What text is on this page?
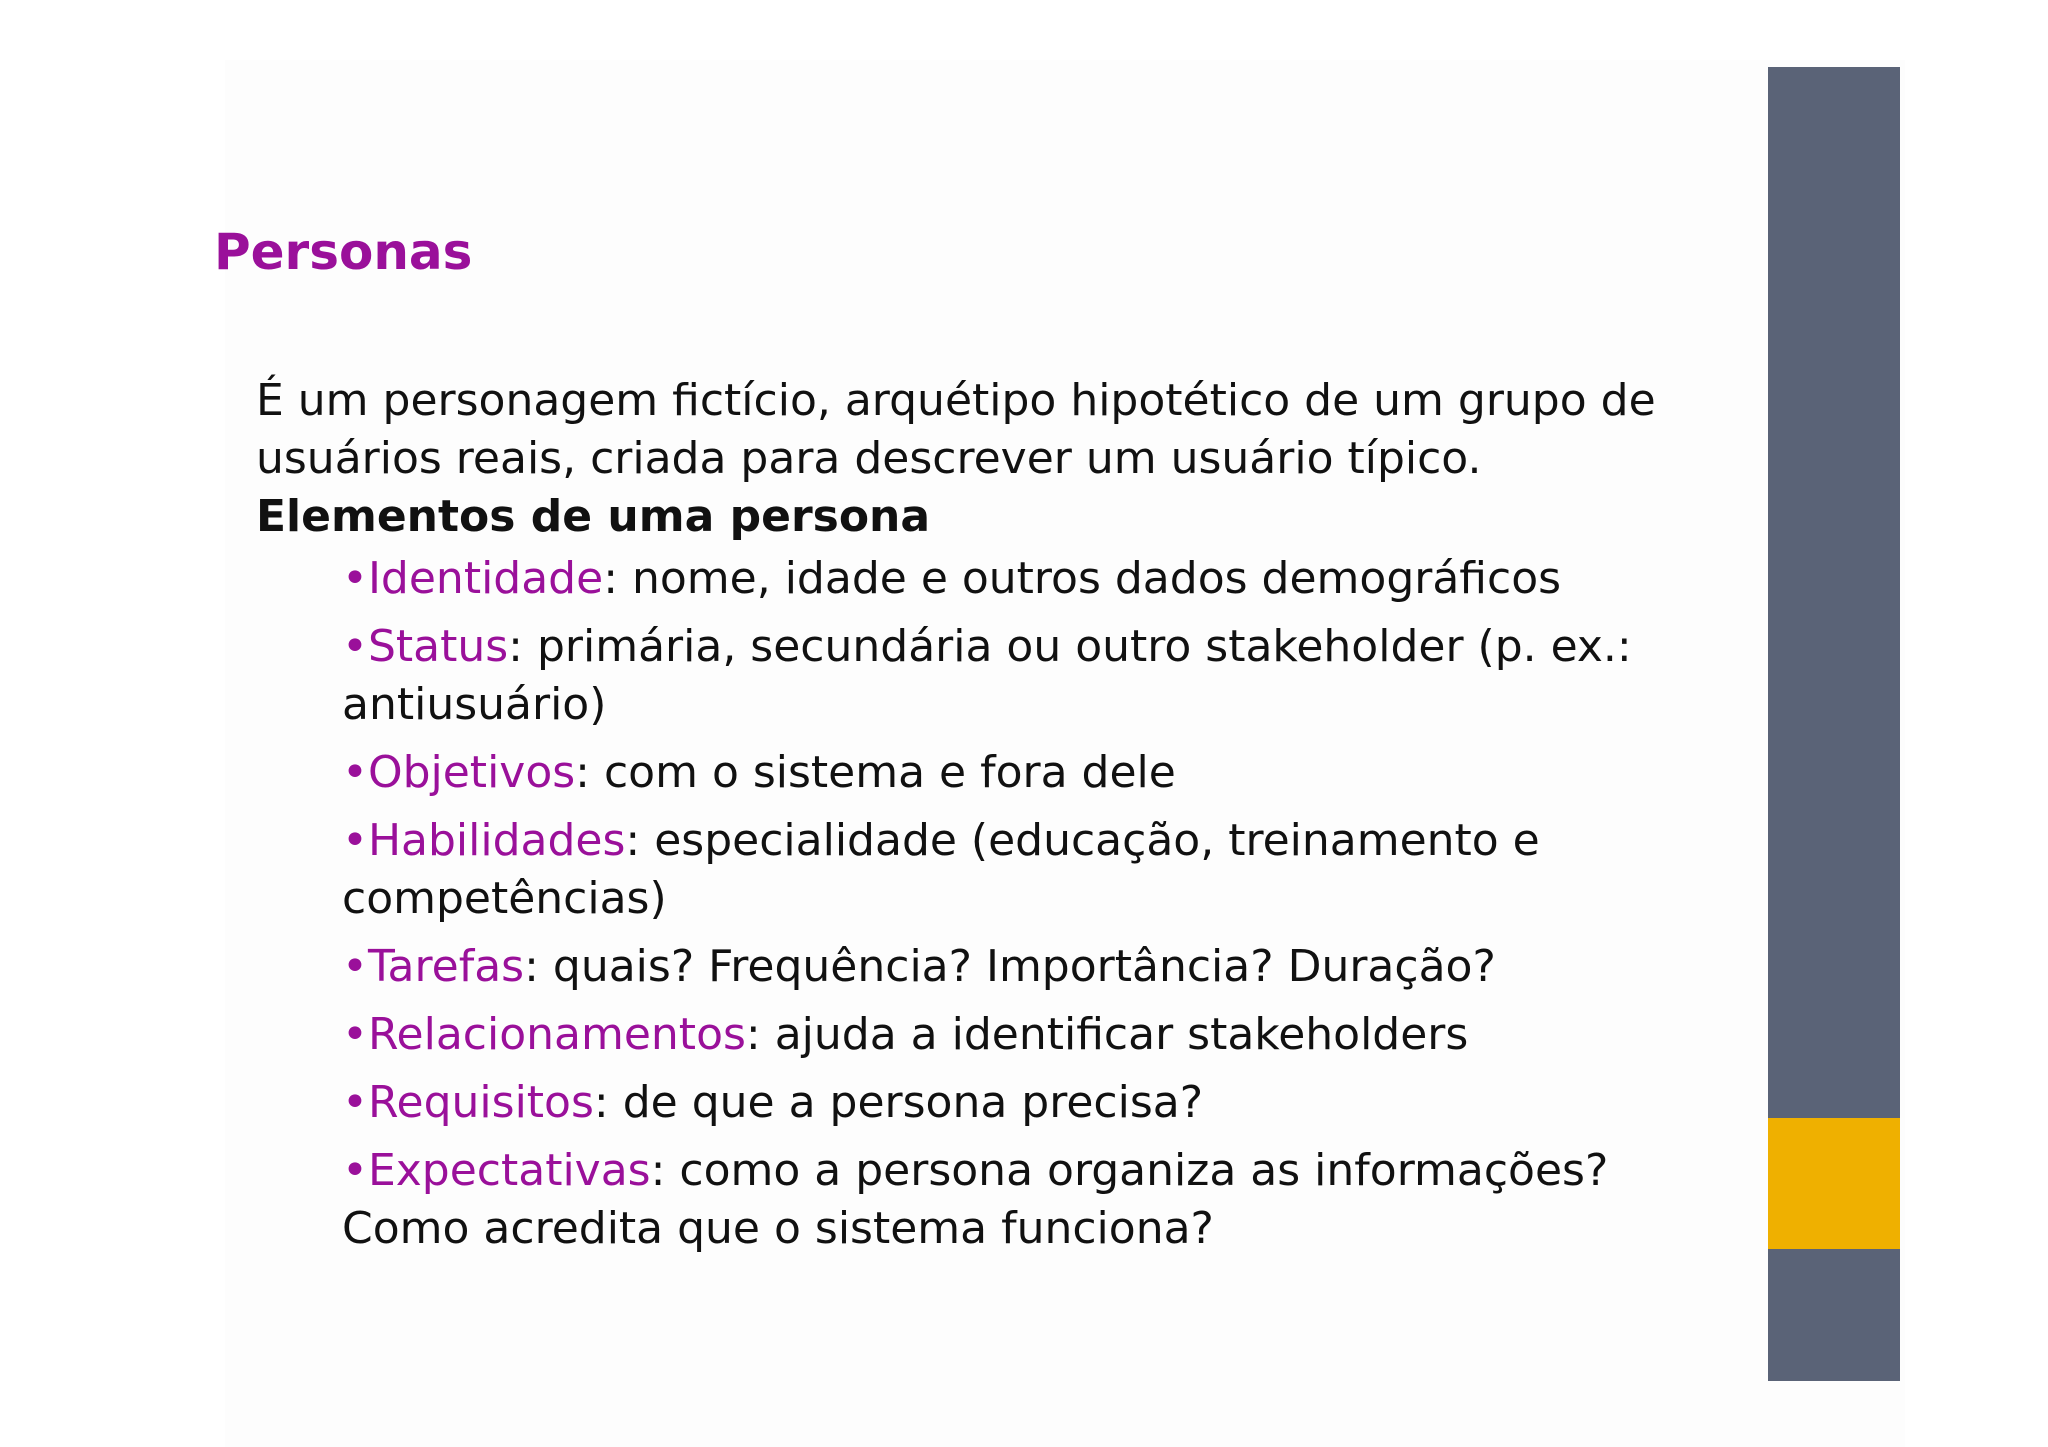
Personas

É um personagem fictício, arquétipo hipotético de um grupo de usuários reais, criada para descrever um usuário típico.

Elementos de uma persona

•Identidade: nome, idade e outros dados demográficos
•Status: primária, secundária ou outro stakeholder (p. ex.: antiusuário)
•Objetivos: com o sistema e fora dele
•Habilidades: especialidade (educação, treinamento e competências)
•Tarefas: quais? Frequência? Importância? Duração?
•Relacionamentos: ajuda a identificar stakeholders
•Requisitos: de que a persona precisa?
•Expectativas: como a persona organiza as informações? Como acredita que o sistema funciona?
